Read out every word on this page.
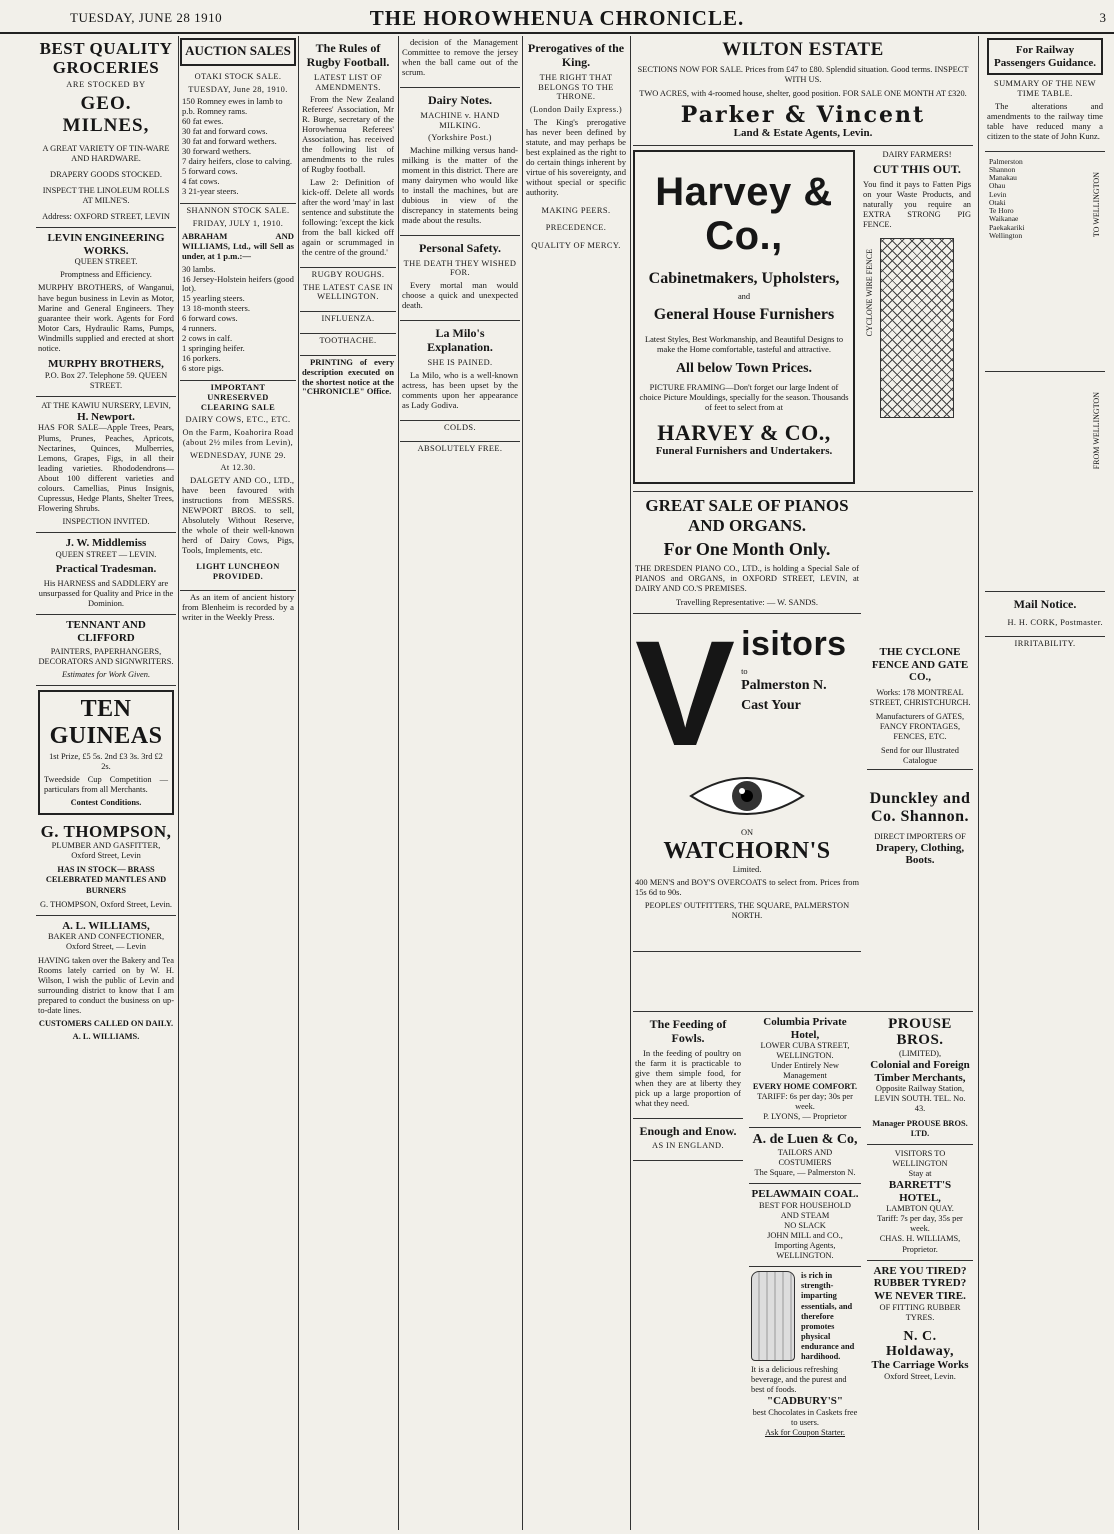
TUESDAY, JUNE 28 1910	THE HOROWHENUA CHRONICLE.	3
BEST QUALITY GROCERIES
ARE STOCKED BY
GEO. MILNES,
A GREAT VARIETY OF TIN-WARE AND HARDWARE.
DRAPERY GOODS STOCKED.
INSPECT THE LINOLEUM ROLLS AT MILNE'S.
Address: OXFORD STREET, LEVIN
LEVIN ENGINEERING WORKS.
QUEEN STREET.
Promptness and Efficiency.
MURPHY BROTHERS, of Wanganui, have begun business in Levin as Motor, Marine and General Engineers. They guarantee their work. Agents for Ford Motor Cars, Hydraulic Rams, Pumps, Windmills supplied and erected at short notice.
MURPHY BROTHERS,
P.O. Box 27. Telephone 59. QUEEN STREET.
AT THE KAWIU NURSERY, LEVIN,
H. Newport.
HAS FOR SALE—Apple Trees, Pears, Plums, Prunes, Peaches, Apricots, Nectarines, Quinces, Mulberries, Lemons, Grapes, Figs, in all their leading varieties. Rhododendrons—About 100 different varieties and colours. Camellias, Pinus Insignis, Cupressus, Hedge Plants, Shelter Trees, Flowering Shrubs.
INSPECTION INVITED.
J. W. Middlemiss
QUEEN STREET — LEVIN.
Practical Tradesman.
His HARNESS and SADDLERY are unsurpassed for Quality and Price in the Dominion.
TENNANT AND CLIFFORD
PAINTERS, PAPERHANGERS, DECORATORS AND SIGNWRITERS.
Estimates for Work Given.
TEN GUINEAS
1st Prize, £5 5s. 2nd £3 3s. 3rd £2 2s.
Tweedside Cup Competition — particulars from all Merchants.
Contest Conditions.
G. THOMPSON,
PLUMBER AND GASFITTER,
Oxford Street, Levin
HAS IN STOCK— BRASS CELEBRATED MANTLES AND BURNERS
G. THOMPSON, Oxford Street, Levin.
A. L. WILLIAMS,
BAKER AND CONFECTIONER,
Oxford Street, — Levin
HAVING taken over the Bakery and Tea Rooms lately carried on by W. H. Wilson, I wish the public of Levin and surrounding district to know that I am prepared to conduct the business on up-to-date lines.
CUSTOMERS CALLED ON DAILY.
A. L. WILLIAMS.
AUCTION SALES
OTAKI STOCK SALE.
TUESDAY, June 28, 1910.
150 Romney ewes in lamb to p.b. Romney rams.
60 fat ewes.
30 fat and forward cows.
30 fat and forward wethers.
30 forward wethers.
7 dairy heifers, close to calving.
5 forward cows.
4 fat cows.
3 21-year steers.
SHANNON STOCK SALE.
FRIDAY, JULY 1, 1910.
ABRAHAM AND WILLIAMS, Ltd., will Sell as under, at 1 p.m.:—
30 lambs.
16 Jersey-Holstein heifers (good lot).
15 yearling steers.
13 18-month steers.
6 forward cows.
4 runners.
2 cows in calf.
1 springing heifer.
16 porkers.
6 store pigs.
IMPORTANT UNRESERVED CLEARING SALE
DAIRY COWS, ETC., ETC.
On the Farm, Koahorira Road (about 2½ miles from Levin),
WEDNESDAY, JUNE 29.
At 12.30.

DALGETY AND CO., LTD., have been favoured with instructions from MESSRS. NEWPORT BROS. to sell, Absolutely Without Reserve, the whole of their well-known herd of Dairy Cows, Pigs, Tools, Implements, etc.

LIGHT LUNCHEON PROVIDED.

As an item of ancient history from Blenheim is recorded by a writer in the Weekly Press.

The Rules of Rugby Football.
LATEST LIST OF AMENDMENTS.

From the New Zealand Referees' Association, Mr R. Burge, secretary of the Horowhenua Referees' Association, has received the following list of amendments to the rules of Rugby football.

Law 2: Definition of kick-off. Delete all words after the word 'may' in last sentence and substitute the following: 'except the kick from the ball kicked off again or scrummaged in the centre of the ground.'

RUGBY ROUGHS.
THE LATEST CASE IN WELLINGTON.
INFLUENZA.
TOOTHACHE.

PRINTING of every description executed on the shortest notice at the "CHRONICLE" Office.

decision of the Management Committee to remove the jersey when the ball came out of the scrum.

Dairy Notes.
MACHINE v. HAND MILKING.
(Yorkshire Post.)

Machine milking versus hand-milking is the matter of the moment in this district. There are many dairymen who would like to install the machines, but are dubious in view of the discrepancy in statements being made about the results.

Personal Safety.
THE DEATH THEY WISHED FOR.

Every mortal man would choose a quick and unexpected death.

La Milo's Explanation.
SHE IS PAINED.

La Milo, who is a well-known actress, has been upset by the comments upon her appearance as Lady Godiva.

COLDS.
ABSOLUTELY FREE.
Prerogatives of the King.
THE RIGHT THAT BELONGS TO THE THRONE.
(London Daily Express.)

The King's prerogative has never been defined by statute, and may perhaps be best explained as the right to do certain things inherent by virtue of his sovereignty, and without special or specific authority.

MAKING PEERS.
PRECEDENCE.
QUALITY OF MERCY.
WILTON ESTATE
SECTIONS NOW FOR SALE. Prices from £47 to £80. Splendid situation. Good terms. INSPECT WITH US.
TWO ACRES, with 4-roomed house, shelter, good position. FOR SALE ONE MONTH AT £320.
Parker & Vincent
Land & Estate Agents, Levin.
Harvey & Co.,
Cabinetmakers, Upholsters,
and
General House Furnishers
Latest Styles, Best Workmanship, and Beautiful Designs to make the Home comfortable, tasteful and attractive.
All below Town Prices.
PICTURE FRAMING—Don't forget our large Indent of choice Picture Mouldings, specially for the season. Thousands of feet to select from at
HARVEY & CO.,
Funeral Furnishers and Undertakers.
DAIRY FARMERS!
CUT THIS OUT.
You find it pays to Fatten Pigs on your Waste Products, and naturally you require an EXTRA STRONG PIG FENCE.
CYCLONE WIRE FENCE
GREAT SALE OF PIANOS AND ORGANS.
For One Month Only.
THE DRESDEN PIANO CO., LTD., is holding a Special Sale of PIANOS and ORGANS, in OXFORD STREET, LEVIN, at DAIRY AND CO.'S PREMISES.
Travelling Representative: — W. SANDS.
V isitors
to
Palmerston N.
Cast Your
ON
WATCHORN'S
Limited.
400 MEN'S and BOY'S OVERCOATS to select from. Prices from 15s 6d to 90s.
PEOPLES' OUTFITTERS, THE SQUARE, PALMERSTON NORTH.
THE CYCLONE FENCE AND GATE CO.,
Works: 178 MONTREAL STREET, CHRISTCHURCH.
Manufacturers of GATES, FANCY FRONTAGES, FENCES, ETC.
Send for our Illustrated Catalogue
Dunckley and Co. Shannon.
DIRECT IMPORTERS OF
Drapery, Clothing, Boots.
The Feeding of Fowls.

In the feeding of poultry on the farm it is practicable to give them simple food, for when they are at liberty they pick up a large proportion of what they need.

Enough and Enow.
AS IN ENGLAND.
Columbia Private Hotel,
LOWER CUBA STREET, WELLINGTON.
Under Entirely New Management
EVERY HOME COMFORT.
TARIFF: 6s per day; 30s per week.
P. LYONS, — Proprietor
A. de Luen & Co,
TAILORS AND COSTUMIERS
The Square, — Palmerston N.
PELAWMAIN COAL.
BEST FOR HOUSEHOLD AND STEAM
NO SLACK
JOHN MILL and CO., Importing Agents, WELLINGTON.
is rich in strength-imparting essentials, and therefore promotes physical endurance and hardihood.
It is a delicious refreshing beverage, and the purest and best of foods.
"CADBURY'S"
best Chocolates in Caskets free to users.
Ask for Coupon Starter.
PROUSE BROS.
(LIMITED),
Colonial and Foreign Timber Merchants,
Opposite Railway Station,
LEVIN SOUTH. TEL. No. 43.
Manager PROUSE BROS. LTD.
VISITORS TO WELLINGTON
Stay at
BARRETT'S HOTEL,
LAMBTON QUAY.
Tariff: 7s per day, 35s per week.
CHAS. H. WILLIAMS, Proprietor.
ARE YOU TIRED?
RUBBER TYRED?
WE NEVER TIRE.
OF FITTING RUBBER TYRES.
N. C. Holdaway,
The Carriage Works
Oxford Street, Levin.
For Railway Passengers Guidance.
SUMMARY OF THE NEW TIME TABLE.

The alterations and amendments to the railway time table have reduced many a citizen to the state of John Kunz.

TO WELLINGTON
Palmerston
Shannon
Manakau
Ohau
Levin
Otaki
Te Horo
Waikanae
Paekakariki
Wellington
FROM WELLINGTON
Mail Notice.
H. H. CORK, Postmaster.
IRRITABILITY.
